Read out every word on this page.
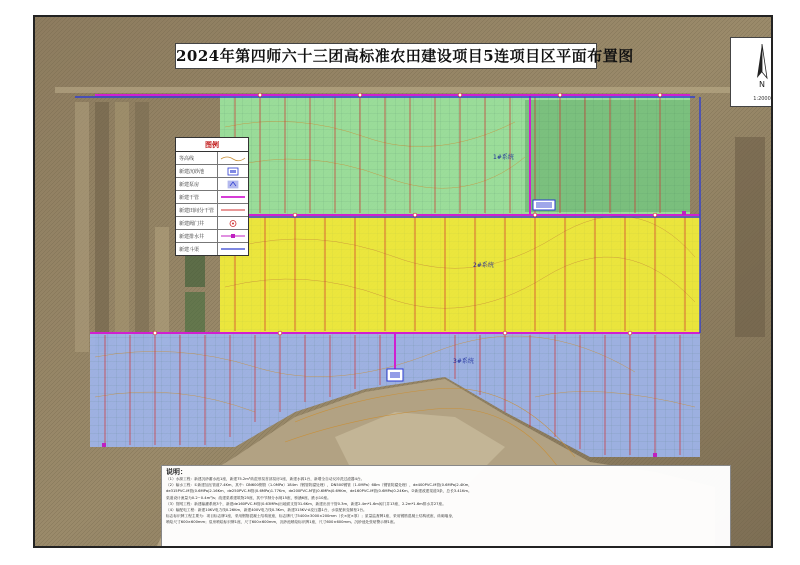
1#系统
2#系统
3#系统
2024年第四师六十三团高标准农田建设项目5连项目区平面布置图
N
1:2000
图例
等高线
新建沉砂池
新建泵房
新建干管
新建田间分干管
新建阀门井
新建排水井
新建斗渠
说明：

（1）水源工程：新建沉砂蓄水池1座，新建75.2m³砖混形泵首部泵房1座，新建水源1台，新增全自动反冲洗过滤器4台。

（2）输水工程：①新建加压管道7.4Km，其中：DN600钢管（1.0MPa）184m（钢管防腐处理），DN500钢管（1.0MPa）68m（钢管防腐处理），de400PVC-M管(0.6MPa)2.4Km，

de315PVC-M管(0.6MPa)2.16Km，de250PVC-M管(0.6MPa)1.77Km，de200PVC-M管(0.6MPa)0.69Km，de160PVC-M管(0.6MPa)0.24Km。②新建改建渠道3条，总长3.41Km。

渠道设计流量为0.2~0.4m³/s；改建渠系建筑物25座，其中节制分水闸15座，桥涵6座，跌水10座。

（3）管网工程：新建输灌系统3个，新建de160PVC-M管(0.63MPa)出地面支管31.6Km，新建出田干管0.3m，新建2.4m*1.6m阀门井13座，2.2m*1.6m排水井27座。

（4）输配电工程：新建10KV电力线0.26Km，新建400V电力线0.3Km，新建315KV·A变压器1台，水泵配套变频柜1台。

标志标识牌工程主要为：项目标志牌1座，采用钢筋混凝土结构底座，标志牌尺寸5400×3000×200mm（长×宽×厚）；质量监督牌1座，采用钢筋混凝土结构底座，砖砌墙身，

喷绘尺寸600×600mm；泵房喷绘标识牌1座，尺寸600×600mm，沉砂池喷绘标识牌1座，尺寸600×600mm。沉砂池处张贴警示牌1座。
